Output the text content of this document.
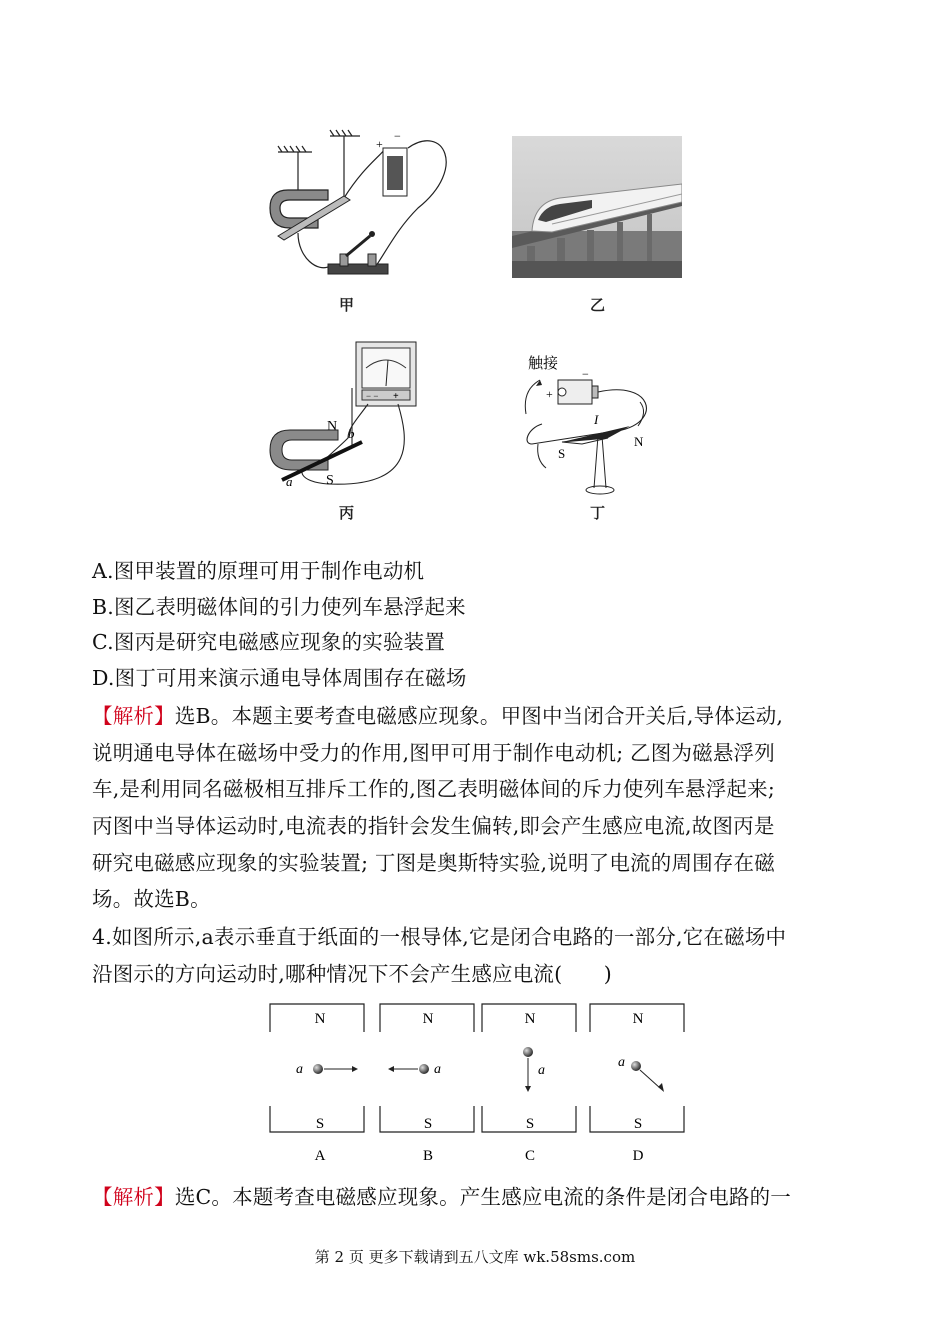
+
−
甲	乙
− − +
N
S
a
b
丙
触接
+
−
I
S
N
丁
A.图甲装置的原理可用于制作电动机
B.图乙表明磁体间的引力使列车悬浮起来
C.图丙是研究电磁感应现象的实验装置
D.图丁可用来演示通电导体周围存在磁场
【解析】选B。本题主要考查电磁感应现象。甲图中当闭合开关后,导体运动,
说明通电导体在磁场中受力的作用,图甲可用于制作电动机; 乙图为磁悬浮列
车,是利用同名磁极相互排斥工作的,图乙表明磁体间的斥力使列车悬浮起来;
丙图中当导体运动时,电流表的指针会发生偏转,即会产生感应电流,故图丙是
研究电磁感应现象的实验装置; 丁图是奥斯特实验,说明了电流的周围存在磁
场。故选B。
4.如图所示,a表示垂直于纸面的一根导体,它是闭合电路的一部分,它在磁场中
沿图示的方向运动时,哪种情况下不会产生感应电流(　　)
N	N	N	N
S	S	S	S
A	B	C	D
a	a	a
a
【解析】选C。本题考查电磁感应现象。产生感应电流的条件是闭合电路的一
第 2 页 更多下载请到五八文库 wk.58sms.com
